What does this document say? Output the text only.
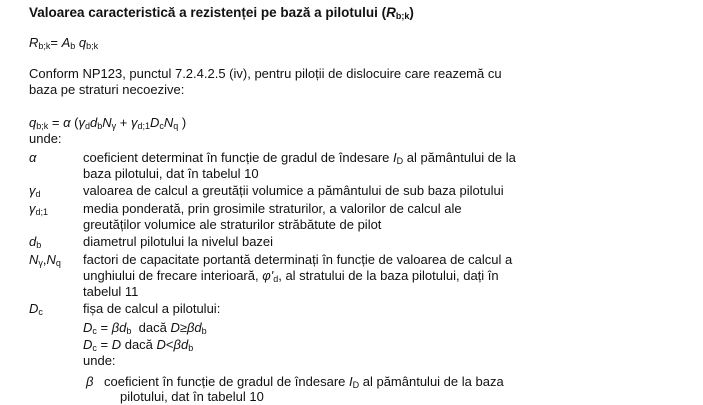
Valoarea caracteristică a rezistenței pe bază a pilotului $(R_{b;k})$
$R_{b;k}= A_b$ $q_{b;k}$
Conform NP123, punctul 7.2.4.2.5 (iv), pentru piloții de dislocuire care reazemă cu
baza pe straturi necoezive:
$q_{b;k} = \alpha$ ($\gamma_dd_bN_\gamma + \gamma_{d;1}D_cN_q$ )
unde:
α	coeficient determinat în funcție de gradul de îndesare $I_D$ al pământului de la
baza pilotului, dat în tabelul 10
$\gamma_d$	valoarea de calcul a greutății volumice a pământului de sub baza pilotului
$\gamma_{d;1}$	media ponderată, prin grosimile straturilor, a valorilor de calcul ale
greutăților volumice ale straturilor străbătute de pilot
$d_b$	diametrul pilotului la nivelul bazei
$N_\gamma,N_q$ factori de capacitate portantă determinați în funcție de valoarea de calcul a
unghiului de frecare interioară, $\varphi'_d$, al stratului de la baza pilotului, dați în
tabelul 11
$D_c$	fișa de calcul a pilotului:
$D_c = \beta d_b$  dacă $D\ge\beta d_b$
$D_c = D$ dacă $D<\beta d_b$
unde:
β coeficient în funcție de gradul de îndesare $I_D$ al pământului de la baza
pilotului, dat în tabelul 10
